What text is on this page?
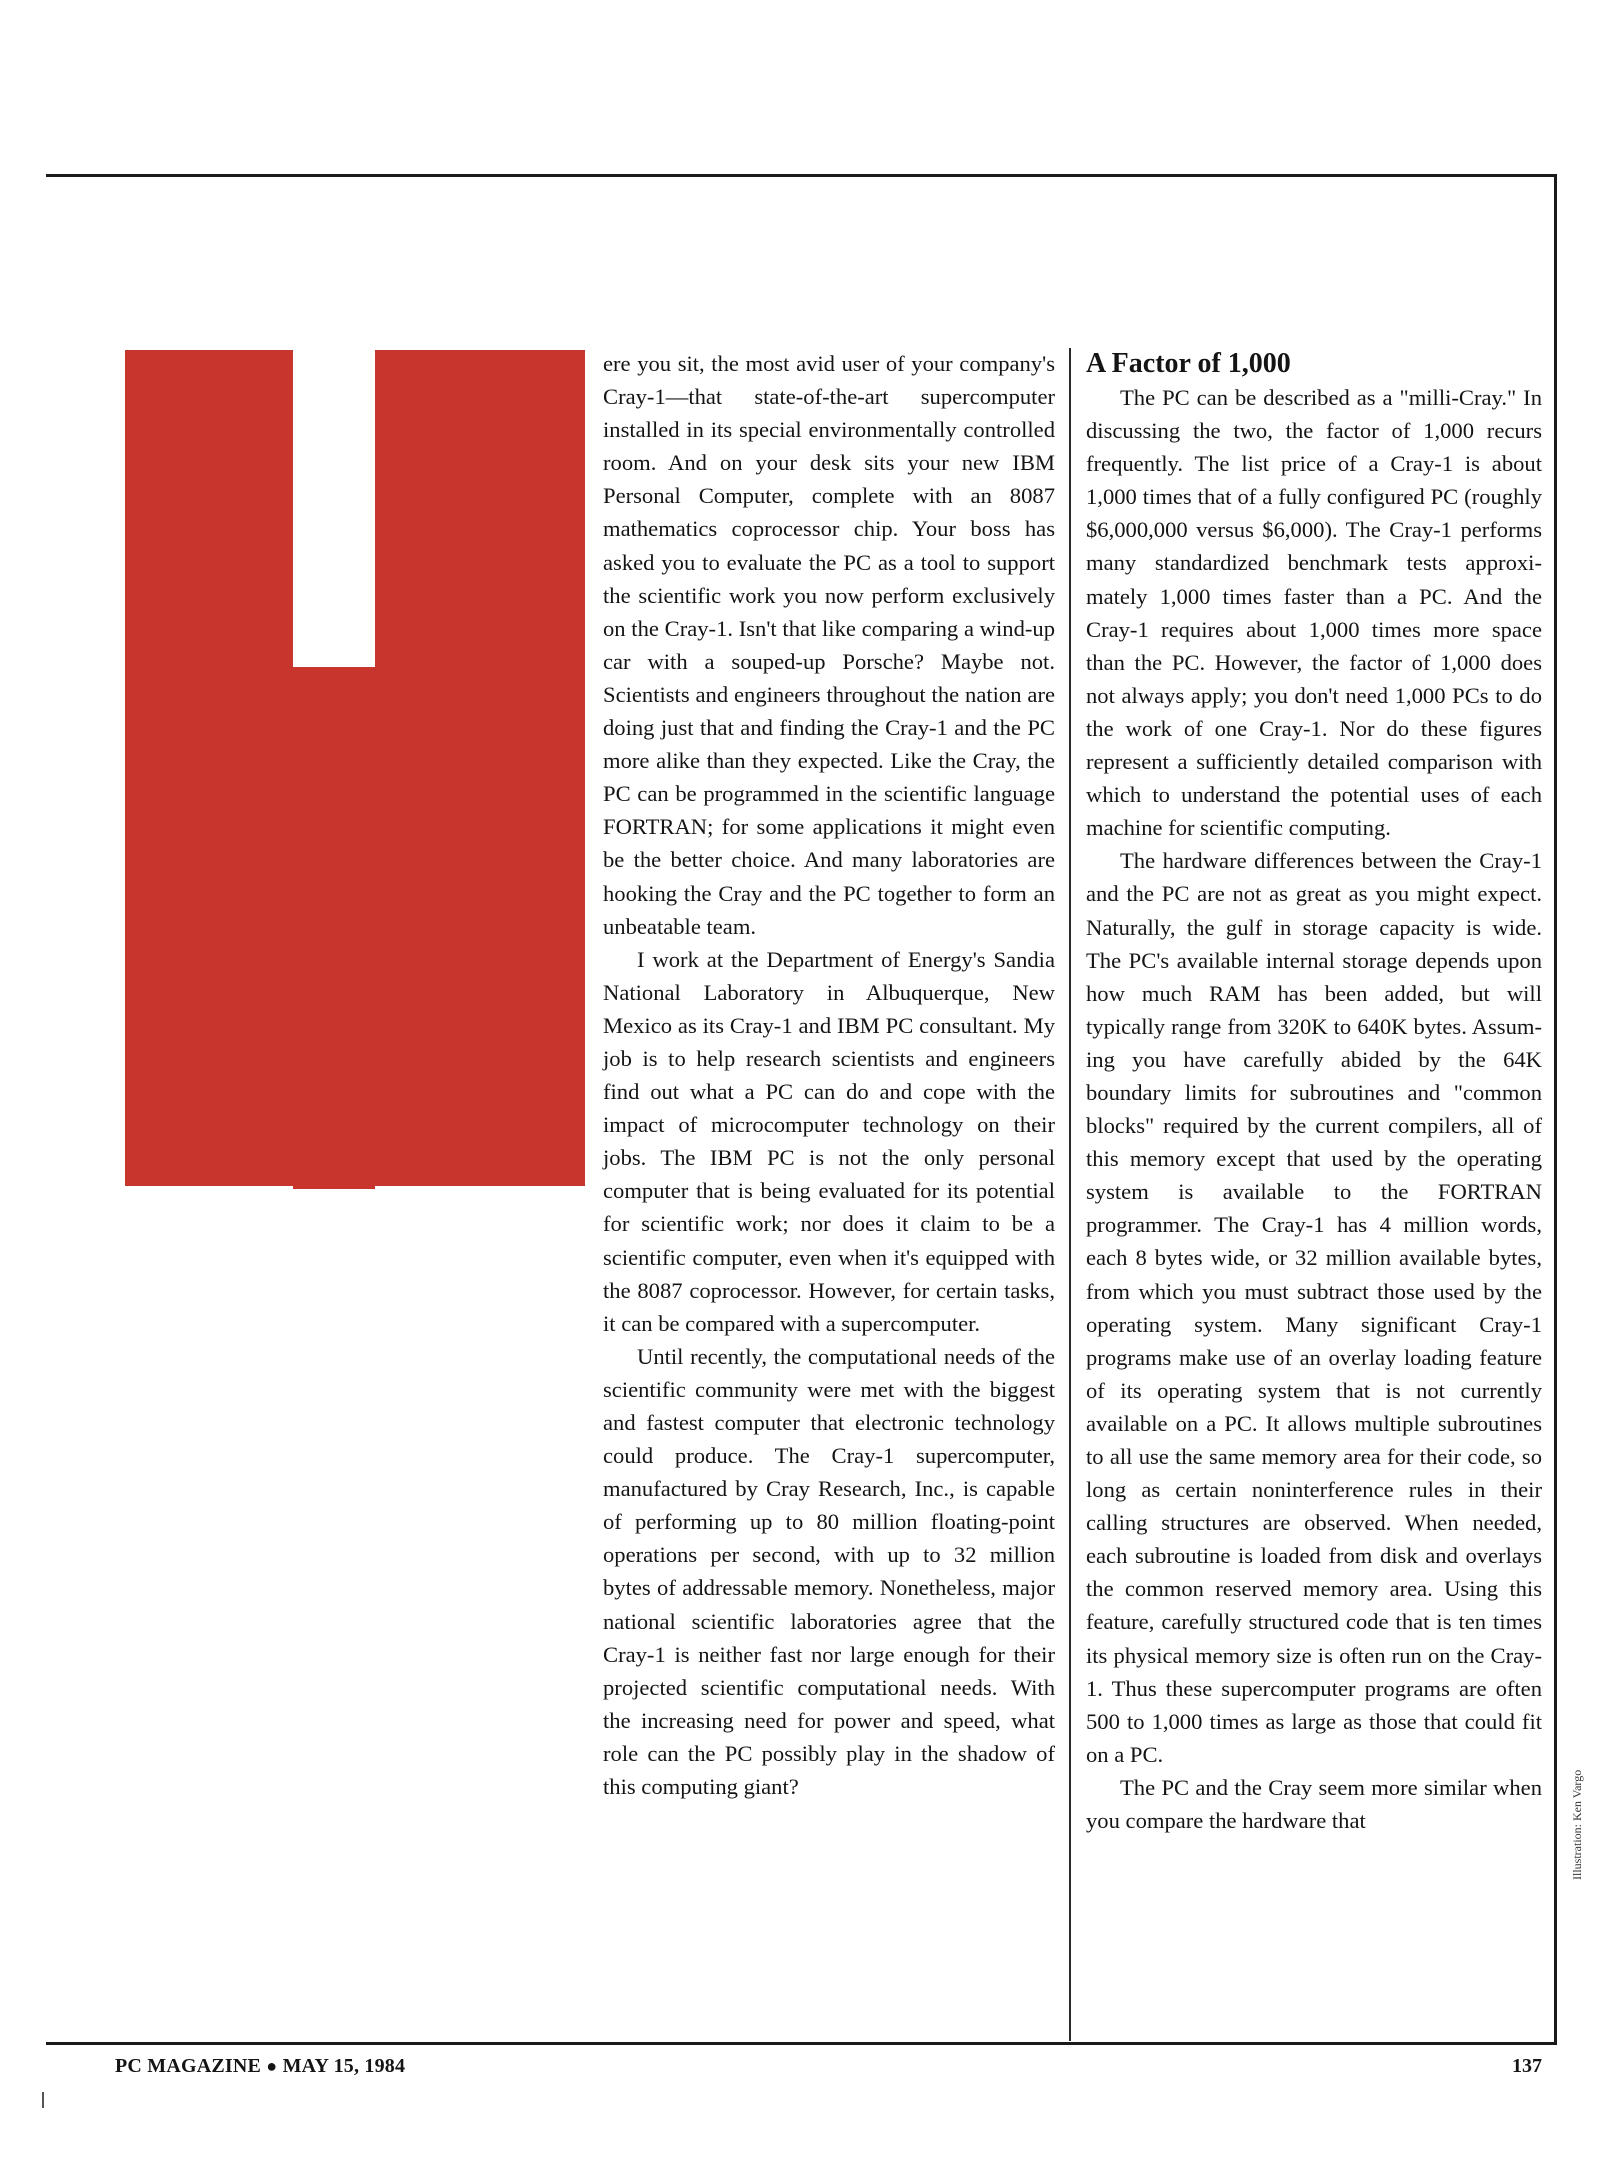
ere you sit, the most avid user of your company's Cray-1—that state-of-the-art supercomputer installed in its special environmentally controlled room. And on your desk sits your new IBM Personal Computer, complete with an 8087 mathematics coprocessor chip. Your boss has asked you to evaluate the PC as a tool to support the scientific work you now perform exclusively on the Cray-1. Isn't that like comparing a wind-up car with a souped-up Porsche? Maybe not. Scientists and engineers throughout the nation are doing just that and finding the Cray-1 and the PC more alike than they expected. Like the Cray, the PC can be programmed in the scientific language FORTRAN; for some applications it might even be the better choice. And many laboratories are hooking the Cray and the PC together to form an unbeatable team.

I work at the Department of Energy's Sandia National Laboratory in Albuquerque, New Mexico as its Cray-1 and IBM PC consultant. My job is to help research scientists and engineers find out what a PC can do and cope with the impact of microcomputer technology on their jobs. The IBM PC is not the only personal computer that is being evaluated for its potential for scientific work; nor does it claim to be a scientific computer, even when it's equipped with the 8087 coprocessor. However, for certain tasks, it can be compared with a supercomputer.

Until recently, the computational needs of the scientific community were met with the biggest and fastest computer that electronic technology could produce. The Cray-1 supercomputer, manufactured by Cray Research, Inc., is capable of performing up to 80 million floating-point operations per second, with up to 32 million bytes of addressable memory. Nonetheless, major national scientific laboratories agree that the Cray-1 is neither fast nor large enough for their projected scientific computational needs. With the increasing need for power and speed, what role can the PC possibly play in the shadow of this computing giant?

A Factor of 1,000

The PC can be described as a "milli-Cray." In discussing the two, the factor of 1,000 recurs frequently. The list price of a Cray-1 is about 1,000 times that of a fully configured PC (roughly $6,000,000 versus $6,000). The Cray-1 performs many standardized benchmark tests approximately 1,000 times faster than a PC. And the Cray-1 requires about 1,000 times more space than the PC. However, the factor of 1,000 does not always apply; you don't need 1,000 PCs to do the work of one Cray-1. Nor do these figures represent a sufficiently detailed comparison with which to understand the potential uses of each machine for scientific computing.

The hardware differences between the Cray-1 and the PC are not as great as you might expect. Naturally, the gulf in storage capacity is wide. The PC's available internal storage depends upon how much RAM has been added, but will typically range from 320K to 640K bytes. Assuming you have carefully abided by the 64K boundary limits for subroutines and "common blocks" required by the current compilers, all of this memory except that used by the operating system is available to the FORTRAN programmer. The Cray-1 has 4 million words, each 8 bytes wide, or 32 million available bytes, from which you must subtract those used by the operating system. Many significant Cray-1 programs make use of an overlay loading feature of its operating system that is not currently available on a PC. It allows multiple subroutines to all use the same memory area for their code, so long as certain noninterference rules in their calling structures are observed. When needed, each subroutine is loaded from disk and overlays the common reserved memory area. Using this feature, carefully structured code that is ten times its physical memory size is often run on the Cray-1. Thus these supercomputer programs are often 500 to 1,000 times as large as those that could fit on a PC.

The PC and the Cray seem more similar when you compare the hardware that	Illustration: Ken Vargo
PC MAGAZINE ● MAY 15, 1984	137
